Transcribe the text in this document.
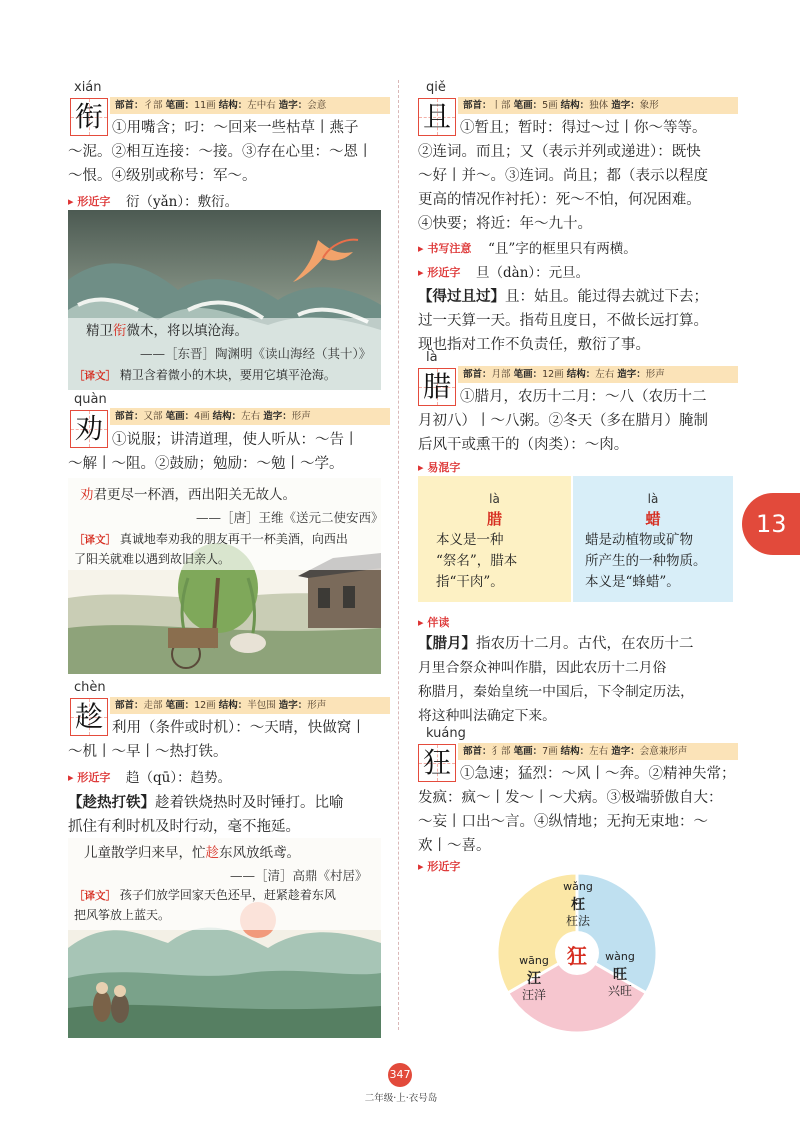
xián
衔	部首：彳部 笔画：11画 结构：左中右 造字：会意
①用嘴含；叼：～回来一些枯草丨燕子
～泥。②相互连接：～接。③存在心里：～恩丨
～恨。④级别或称号：军～。
▸ 形近字 衍（yǎn）：敷衍。
精卫衔微木，将以填沧海。
——［东晋］陶渊明《读山海经（其十）》
［译文］ 精卫含着微小的木块，要用它填平沧海。
quàn
劝	部首：又部 笔画：4画 结构：左右 造字：形声
①说服；讲清道理，使人听从：～告丨
～解丨～阻。②鼓励；勉励：～勉丨～学。
劝君更尽一杯酒，西出阳关无故人。
——［唐］王维《送元二使安西》
［译文］ 真诚地奉劝我的朋友再干一杯美酒，向西出
了阳关就难以遇到故旧亲人。
chèn
趁	部首：走部 笔画：12画 结构：半包围 造字：形声
利用（条件或时机）：～天晴，快做窝丨
～机丨～早丨～热打铁。
▸ 形近字 趋（qū）：趋势。
【趁热打铁】趁着铁烧热时及时锤打。比喻
抓住有利时机及时行动，毫不拖延。
儿童散学归来早，忙趁东风放纸鸢。
——［清］高鼎《村居》
［译文］ 孩子们放学回家天色还早，赶紧趁着东风
把风筝放上蓝天。
qiě
且	部首：丨部 笔画：5画 结构：独体 造字：象形
①暂且；暂时：得过～过丨你～等等。
②连词。而且；又（表示并列或递进）：既快
～好丨并～。③连词。尚且；都（表示以程度
更高的情况作衬托）：死～不怕，何况困难。
④快要；将近：年～九十。
▸ 书写注意 “且”字的框里只有两横。
▸ 形近字 旦（dàn）：元旦。
【得过且过】且：姑且。能过得去就过下去；
过一天算一天。指苟且度日，不做长远打算。
现也指对工作不负责任，敷衍了事。
là
腊	部首：月部 笔画：12画 结构：左右 造字：形声
①腊月，农历十二月：～八（农历十二
月初八）丨～八粥。②冬天（多在腊月）腌制
后风干或熏干的（肉类）：～肉。
▸ 易混字
là
腊
本义是一种
“祭名”，腊本
指“干肉”。
là
蜡
蜡是动植物或矿物
所产生的一种物质。
本义是“蜂蜡”。
13
▸ 伴读
【腊月】指农历十二月。古代，在农历十二
月里合祭众神叫作腊，因此农历十二月俗
称腊月，秦始皇统一中国后，下令制定历法，
将这种叫法确定下来。
kuáng
狂	部首：犭部 笔画：7画 结构：左右 造字：会意兼形声
①急速；猛烈：～风丨～奔。②精神失常；
发疯：疯～丨发～丨～犬病。③极端骄傲自大：
～妄丨口出～言。④纵情地；无拘无束地：～
欢丨～喜。
▸ 形近字
狂
wǎng
枉
枉法
wàng
旺
兴旺
wāng
汪
汪洋
347
二年级·上·衣号岛
